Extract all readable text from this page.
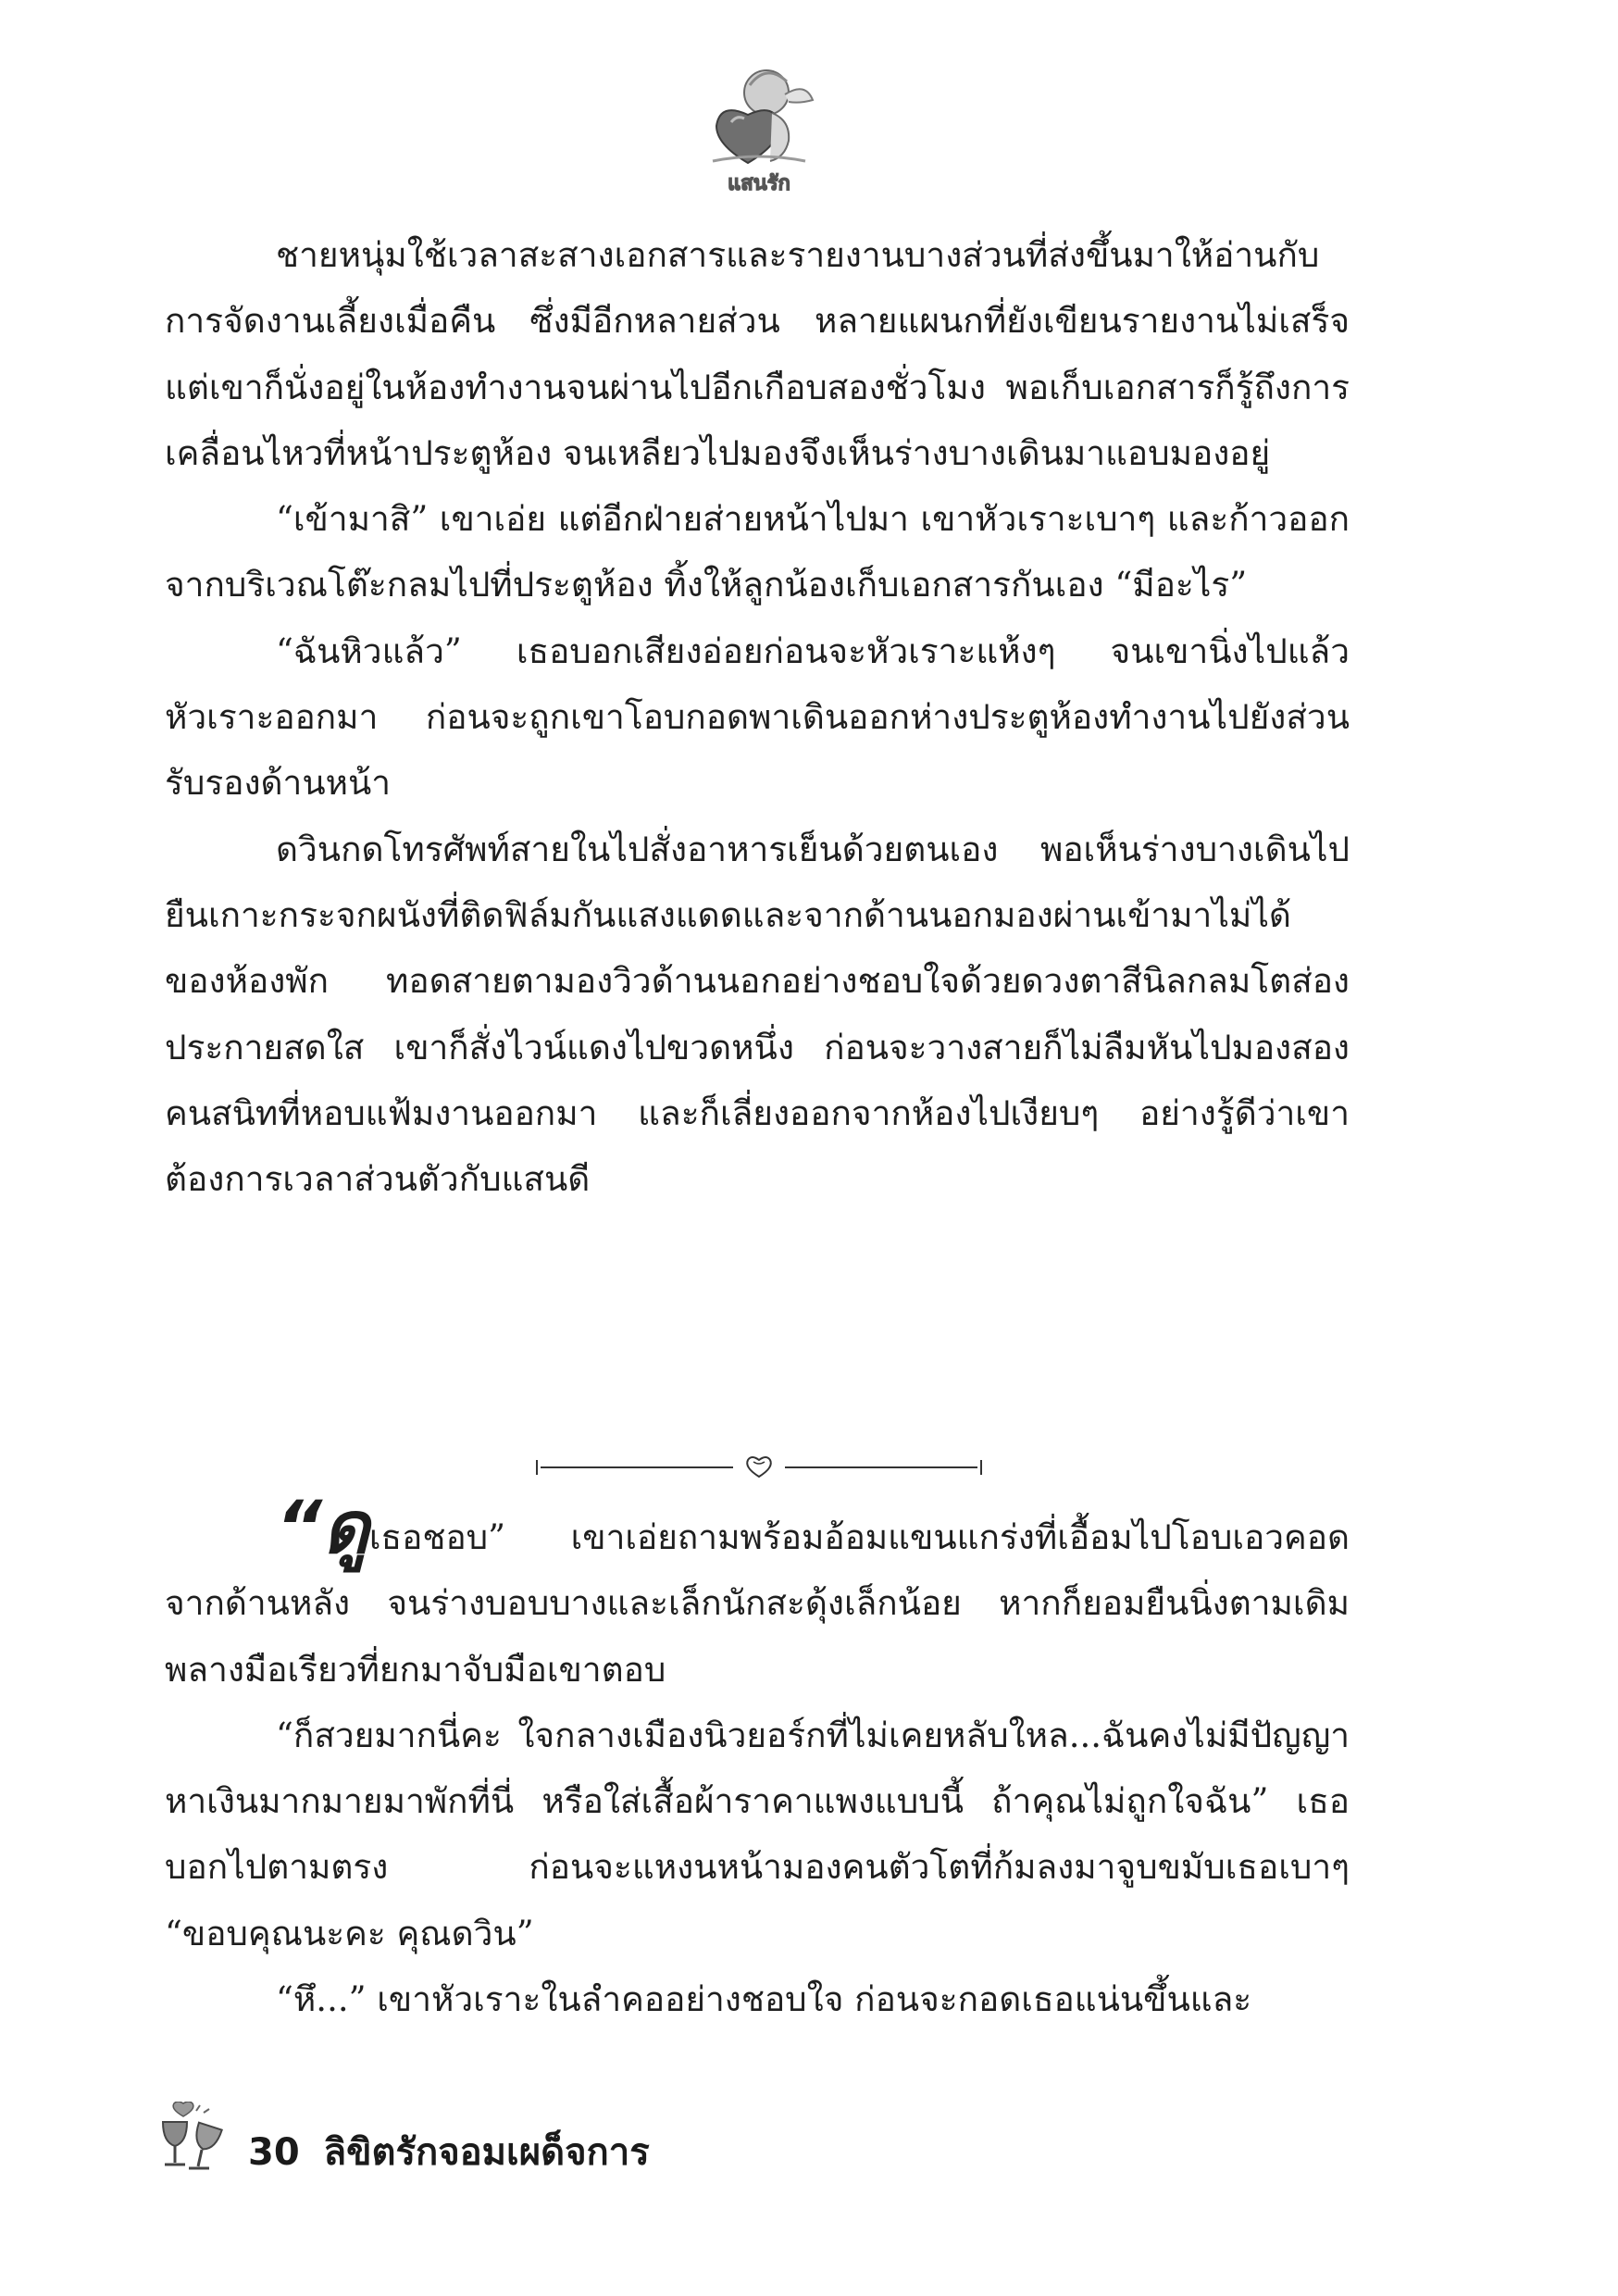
แสนรัก

ชายหนุ่มใช้เวลาสะสางเอกสารและรายงานบางส่วนที่ส่งขึ้นมาให้อ่านกับการจัดงานเลี้ยงเมื่อคืน ซึ่งมีอีกหลายส่วน หลายแผนกที่ยังเขียนรายงานไม่เสร็จ แต่เขาก็นั่งอยู่ในห้องทำงานจนผ่านไปอีกเกือบสองชั่วโมง พอเก็บเอกสารก็รู้ถึงการเคลื่อนไหวที่หน้าประตูห้อง จนเหลียวไปมองจึงเห็นร่างบางเดินมาแอบมองอยู่

“เข้ามาสิ” เขาเอ่ย แต่อีกฝ่ายส่ายหน้าไปมา เขาหัวเราะเบาๆ และก้าวออกจากบริเวณโต๊ะกลมไปที่ประตูห้อง ทิ้งให้ลูกน้องเก็บเอกสารกันเอง “มีอะไร”

“ฉันหิวแล้ว” เธอบอกเสียงอ่อยก่อนจะหัวเราะแห้งๆ จนเขานิ่งไปแล้วหัวเราะออกมา ก่อนจะถูกเขาโอบกอดพาเดินออกห่างประตูห้องทำงานไปยังส่วนรับรองด้านหน้า

ดวินกดโทรศัพท์สายในไปสั่งอาหารเย็นด้วยตนเอง พอเห็นร่างบางเดินไปยืนเกาะกระจกผนังที่ติดฟิล์มกันแสงแดดและจากด้านนอกมองผ่านเข้ามาไม่ได้ของห้องพัก ทอดสายตามองวิวด้านนอกอย่างชอบใจด้วยดวงตาสีนิลกลมโตส่องประกายสดใส เขาก็สั่งไวน์แดงไปขวดหนึ่ง ก่อนจะวางสายก็ไม่ลืมหันไปมองสองคนสนิทที่หอบแฟ้มงานออกมา และก็เลี่ยงออกจากห้องไปเงียบๆ อย่างรู้ดีว่าเขาต้องการเวลาส่วนตัวกับแสนดี

“ดูเธอชอบ” เขาเอ่ยถามพร้อมอ้อมแขนแกร่งที่เอื้อมไปโอบเอวคอดจากด้านหลัง จนร่างบอบบางและเล็กนักสะดุ้งเล็กน้อย หากก็ยอมยืนนิ่งตามเดิม พลางมือเรียวที่ยกมาจับมือเขาตอบ

“ก็สวยมากนี่คะ ใจกลางเมืองนิวยอร์กที่ไม่เคยหลับใหล...ฉันคงไม่มีปัญญาหาเงินมากมายมาพักที่นี่ หรือใส่เสื้อผ้าราคาแพงแบบนี้ ถ้าคุณไม่ถูกใจฉัน” เธอบอกไปตามตรง ก่อนจะแหงนหน้ามองคนตัวโตที่ก้มลงมาจูบขมับเธอเบาๆ “ขอบคุณนะคะ คุณดวิน”

“หึ...” เขาหัวเราะในลำคออย่างชอบใจ ก่อนจะกอดเธอแน่นขึ้นและ

30 ลิขิตรักจอมเผด็จการ
